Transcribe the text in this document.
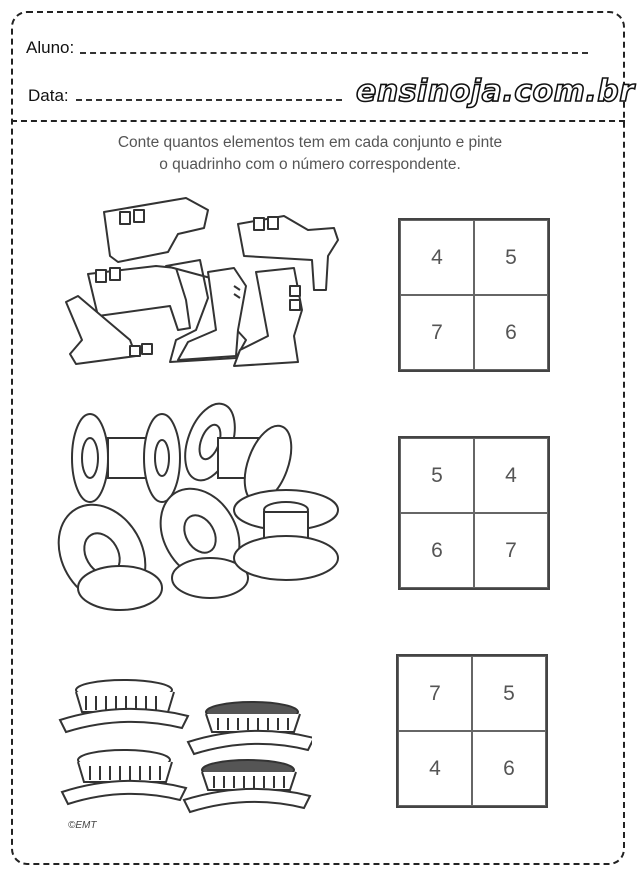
Aluno:
Data:	ensinoja.com.br
Conte quantos elementos tem em cada conjunto e pinte
o quadrinho com o número correspondente.
4	5
7	6
5	4
6	7
7	5
4	6
©EMT
